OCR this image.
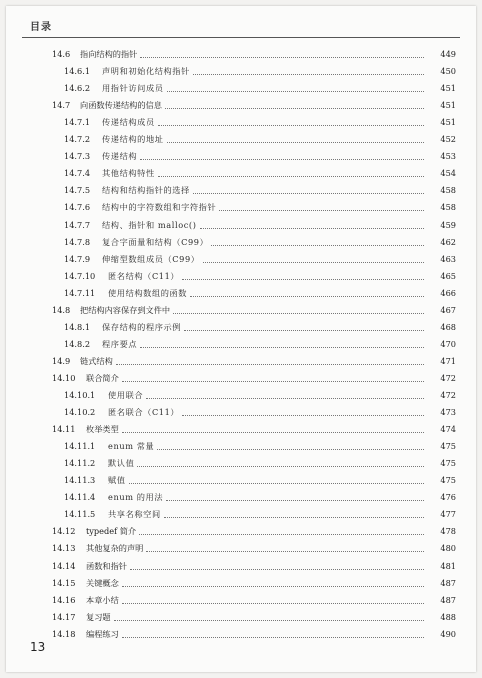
目录
14.6 指向结构的指针	449
14.6.1 声明和初始化结构指针	450
14.6.2 用指针访问成员	451
14.7 向函数传递结构的信息	451
14.7.1 传递结构成员	451
14.7.2 传递结构的地址	452
14.7.3 传递结构	453
14.7.4 其他结构特性	454
14.7.5 结构和结构指针的选择	458
14.7.6 结构中的字符数组和字符指针	458
14.7.7 结构、指针和 malloc()	459
14.7.8 复合字面量和结构（C99）	462
14.7.9 伸缩型数组成员（C99）	463
14.7.10 匿名结构（C11）	465
14.7.11 使用结构数组的函数	466
14.8 把结构内容保存到文件中	467
14.8.1 保存结构的程序示例	468
14.8.2 程序要点	470
14.9 链式结构	471
14.10 联合简介	472
14.10.1 使用联合	472
14.10.2 匿名联合（C11）	473
14.11 枚举类型	474
14.11.1 enum 常量	475
14.11.2 默认值	475
14.11.3 赋值	475
14.11.4 enum 的用法	476
14.11.5 共享名称空间	477
14.12 typedef 简介	478
14.13 其他复杂的声明	480
14.14 函数和指针	481
14.15 关键概念	487
14.16 本章小结	487
14.17 复习题	488
14.18 编程练习	490
13
